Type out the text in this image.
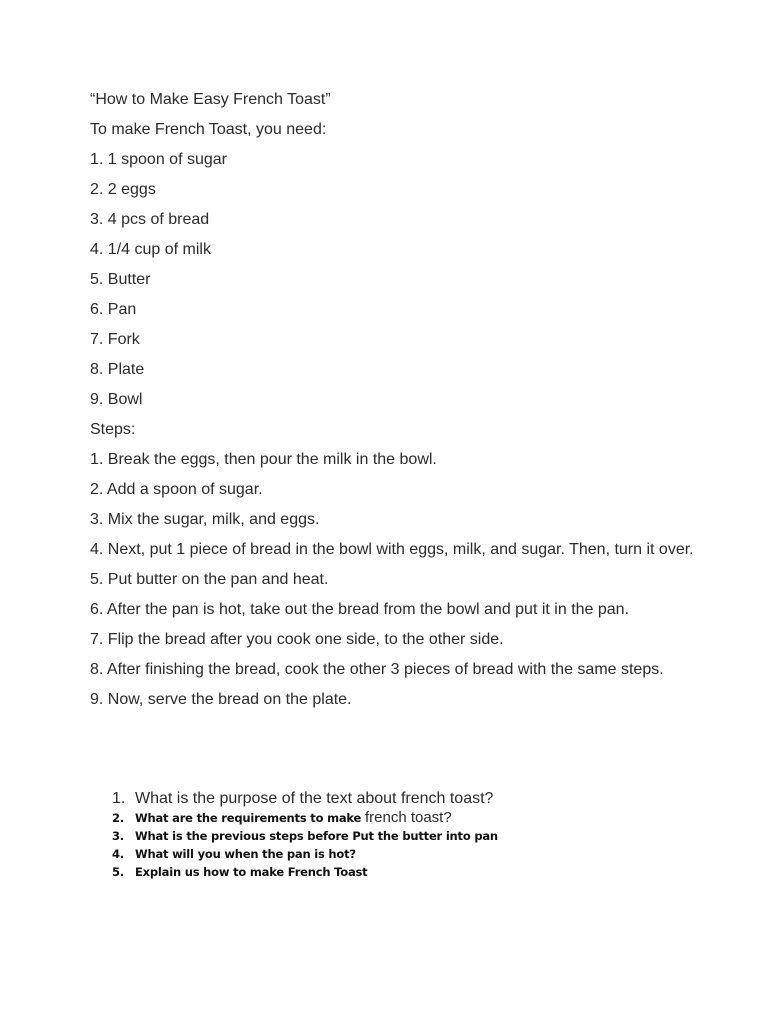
“How to Make Easy French Toast”
To make French Toast, you need:
1. 1 spoon of sugar
2. 2 eggs
3. 4 pcs of bread
4. 1/4 cup of milk
5. Butter
6. Pan
7. Fork
8. Plate
9. Bowl
Steps:
1. Break the eggs, then pour the milk in the bowl.
2. Add a spoon of sugar.
3. Mix the sugar, milk, and eggs.
4. Next, put 1 piece of bread in the bowl with eggs, milk, and sugar. Then, turn it over.
5. Put butter on the pan and heat.
6. After the pan is hot, take out the bread from the bowl and put it in the pan.
7. Flip the bread after you cook one side, to the other side.
8. After finishing the bread, cook the other 3 pieces of bread with the same steps.
9. Now, serve the bread on the plate.
1. What is the purpose of the text about french toast?
2. What are the requirements to make french toast?
3. What is the previous steps before Put the butter into pan
4. What will you when the pan is hot?
5. Explain us how to make French Toast
